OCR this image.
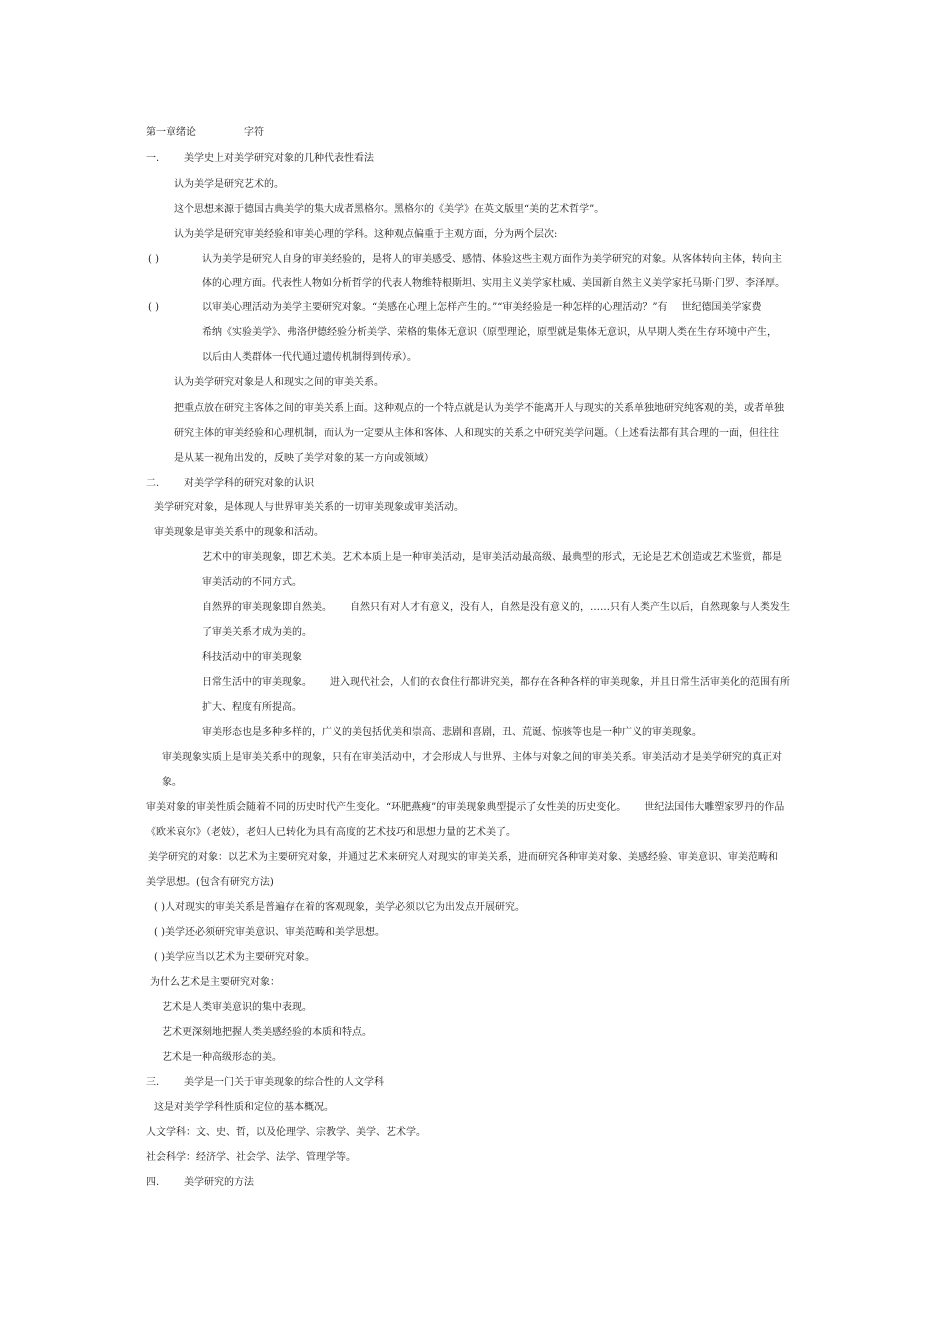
第一章绪论	字符
一. 美学史上对美学研究对象的几种代表性看法
认为美学是研究艺术的。
这个思想来源于德国古典美学的集大成者黑格尔。黑格尔的《美学》在英文版里“美的艺术哲学”。
认为美学是研究审美经验和审美心理的学科。这种观点偏重于主观方面，分为两个层次:
( )	认为美学是研究人自身的审美经验的，是将人的审美感受、感情、体验这些主观方面作为美学研究的对象。从客体转向主体，转向主
体的心理方面。代表性人物如分析哲学的代表人物维特根斯坦、实用主义美学家杜威、美国新自然主义美学家托马斯·门罗、李泽厚。
( )	以审美心理活动为美学主要研究对象。“美感在心理上怎样产生的。”“审美经验是一种怎样的心理活动？”有 世纪德国美学家费
希纳《实验美学》、弗洛伊德经验分析美学、荣格的集体无意识（原型理论，原型就是集体无意识，从早期人类在生存环境中产生，
以后由人类群体一代代通过遗传机制得到传承）。
认为美学研究对象是人和现实之间的审美关系。
把重点放在研究主客体之间的审美关系上面。这种观点的一个特点就是认为美学不能离开人与现实的关系单独地研究纯客观的美，或者单独
研究主体的审美经验和心理机制，而认为一定要从主体和客体、人和现实的关系之中研究美学问题。（上述看法都有其合理的一面，但往往
是从某一视角出发的，反映了美学对象的某一方向或领域）
二. 对美学学科的研究对象的认识
美学研究对象，是体现人与世界审美关系的一切审美现象或审美活动。
审美现象是审美关系中的现象和活动。
艺术中的审美现象，即艺术美。艺术本质上是一种审美活动，是审美活动最高级、最典型的形式，无论是艺术创造或艺术鉴赏，都是
审美活动的不同方式。
自然界的审美现象即自然美。 自然只有对人才有意义，没有人，自然是没有意义的，……只有人类产生以后，自然现象与人类发生
了审美关系才成为美的。
科技活动中的审美现象
日常生活中的审美现象。 进入现代社会，人们的衣食住行都讲究美，都存在各种各样的审美现象，并且日常生活审美化的范围有所
扩大、程度有所提高。
审美形态也是多种多样的，广义的美包括优美和崇高、悲剧和喜剧，丑、荒诞、惊骇等也是一种广义的审美现象。
审美现象实质上是审美关系中的现象，只有在审美活动中，才会形成人与世界、主体与对象之间的审美关系。审美活动才是美学研究的真正对
象。
审美对象的审美性质会随着不同的历史时代产生变化。“环肥燕瘦”的审美现象典型提示了女性美的历史变化。 世纪法国伟大雕塑家罗丹的作品
《欧米哀尔》（老妓），老妇人已转化为具有高度的艺术技巧和思想力量的艺术美了。
美学研究的对象：以艺术为主要研究对象，并通过艺术来研究人对现实的审美关系，进而研究各种审美对象、美感经验、审美意识、审美范畴和
美学思想。(包含有研究方法)
( )人对现实的审美关系是普遍存在着的客观现象，美学必须以它为出发点开展研究。
( )美学还必须研究审美意识、审美范畴和美学思想。
( )美学应当以艺术为主要研究对象。
为什么艺术是主要研究对象：
艺术是人类审美意识的集中表现。
艺术更深刻地把握人类美感经验的本质和特点。
艺术是一种高级形态的美。
三. 美学是一门关于审美现象的综合性的人文学科
这是对美学学科性质和定位的基本概况。
人文学科：文、史、哲，以及伦理学、宗教学、美学、艺术学。
社会科学：经济学、社会学、法学、管理学等。
四. 美学研究的方法
